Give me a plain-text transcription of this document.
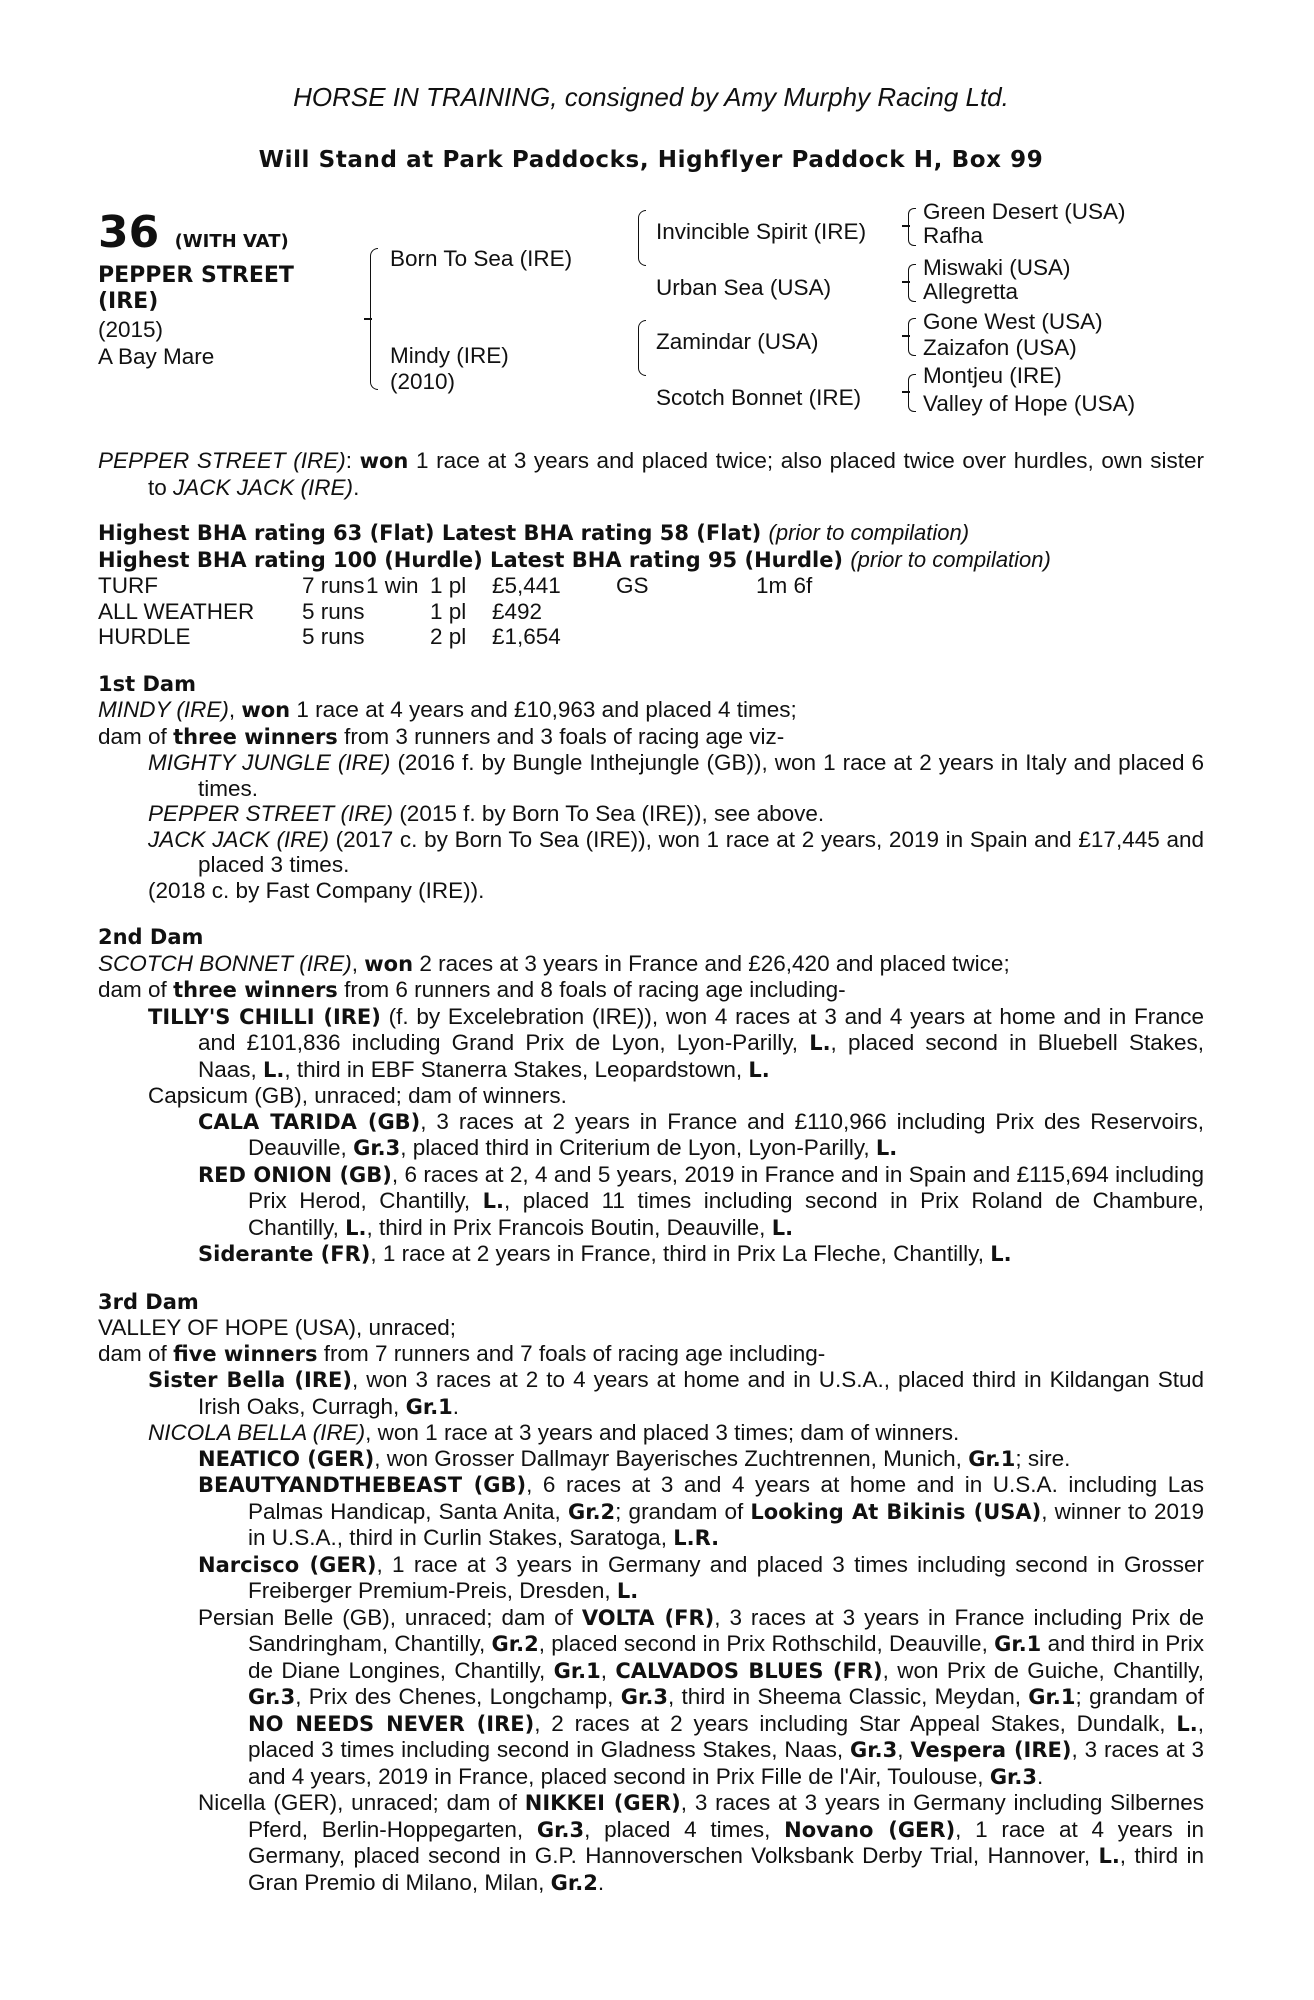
HORSE IN TRAINING, consigned by Amy Murphy Racing Ltd.
Will Stand at Park Paddocks, Highflyer Paddock H, Box 99
36 (WITH VAT)
PEPPER STREET
(IRE)
(2015)
A Bay Mare
Born To Sea (IRE)
Mindy (IRE)
(2010)
Invincible Spirit (IRE)
Urban Sea (USA)
Zamindar (USA)
Scotch Bonnet (IRE)
Green Desert (USA)
Rafha
Miswaki (USA)
Allegretta
Gone West (USA)
Zaizafon (USA)
Montjeu (IRE)
Valley of Hope (USA)

PEPPER STREET (IRE): won 1 race at 3 years and placed twice; also placed twice over hurdles, own sister to JACK JACK (IRE).

Highest BHA rating 63 (Flat) Latest BHA rating 58 (Flat) (prior to compilation)
Highest BHA rating 100 (Hurdle) Latest BHA rating 95 (Hurdle) (prior to compilation)
TURF	7 runs	1 win	1 pl	£5,441	GS	1m 6f
ALL WEATHER	5 runs		1 pl	£492		
HURDLE	5 runs		2 pl	£1,654		
1st Dam

MINDY (IRE), won 1 race at 4 years and £10,963 and placed 4 times;

dam of three winners from 3 runners and 3 foals of racing age viz-

MIGHTY JUNGLE (IRE) (2016 f. by Bungle Inthejungle (GB)), won 1 race at 2 years in Italy and placed 6 times.

PEPPER STREET (IRE) (2015 f. by Born To Sea (IRE)), see above.

JACK JACK (IRE) (2017 c. by Born To Sea (IRE)), won 1 race at 2 years, 2019 in Spain and £17,445 and placed 3 times.

(2018 c. by Fast Company (IRE)).

2nd Dam

SCOTCH BONNET (IRE), won 2 races at 3 years in France and £26,420 and placed twice;

dam of three winners from 6 runners and 8 foals of racing age including-

TILLY'S CHILLI (IRE) (f. by Excelebration (IRE)), won 4 races at 3 and 4 years at home and in France and £101,836 including Grand Prix de Lyon, Lyon-Parilly, L., placed second in Bluebell Stakes, Naas, L., third in EBF Stanerra Stakes, Leopardstown, L.

Capsicum (GB), unraced; dam of winners.

CALA TARIDA (GB), 3 races at 2 years in France and £110,966 including Prix des Reservoirs, Deauville, Gr.3, placed third in Criterium de Lyon, Lyon-Parilly, L.

RED ONION (GB), 6 races at 2, 4 and 5 years, 2019 in France and in Spain and £115,694 including Prix Herod, Chantilly, L., placed 11 times including second in Prix Roland de Chambure, Chantilly, L., third in Prix Francois Boutin, Deauville, L.

Siderante (FR), 1 race at 2 years in France, third in Prix La Fleche, Chantilly, L.

3rd Dam

VALLEY OF HOPE (USA), unraced;

dam of five winners from 7 runners and 7 foals of racing age including-

Sister Bella (IRE), won 3 races at 2 to 4 years at home and in U.S.A., placed third in Kildangan Stud Irish Oaks, Curragh, Gr.1.

NICOLA BELLA (IRE), won 1 race at 3 years and placed 3 times; dam of winners.

NEATICO (GER), won Grosser Dallmayr Bayerisches Zuchtrennen, Munich, Gr.1; sire.

BEAUTYANDTHEBEAST (GB), 6 races at 3 and 4 years at home and in U.S.A. including Las Palmas Handicap, Santa Anita, Gr.2; grandam of Looking At Bikinis (USA), winner to 2019 in U.S.A., third in Curlin Stakes, Saratoga, L.R.

Narcisco (GER), 1 race at 3 years in Germany and placed 3 times including second in Grosser Freiberger Premium-Preis, Dresden, L.

Persian Belle (GB), unraced; dam of VOLTA (FR), 3 races at 3 years in France including Prix de Sandringham, Chantilly, Gr.2, placed second in Prix Rothschild, Deauville, Gr.1 and third in Prix de Diane Longines, Chantilly, Gr.1, CALVADOS BLUES (FR), won Prix de Guiche, Chantilly, Gr.3, Prix des Chenes, Longchamp, Gr.3, third in Sheema Classic, Meydan, Gr.1; grandam of NO NEEDS NEVER (IRE), 2 races at 2 years including Star Appeal Stakes, Dundalk, L., placed 3 times including second in Gladness Stakes, Naas, Gr.3, Vespera (IRE), 3 races at 3 and 4 years, 2019 in France, placed second in Prix Fille de l'Air, Toulouse, Gr.3.

Nicella (GER), unraced; dam of NIKKEI (GER), 3 races at 3 years in Germany including Silbernes Pferd, Berlin-Hoppegarten, Gr.3, placed 4 times, Novano (GER), 1 race at 4 years in Germany, placed second in G.P. Hannoverschen Volksbank Derby Trial, Hannover, L., third in Gran Premio di Milano, Milan, Gr.2.
